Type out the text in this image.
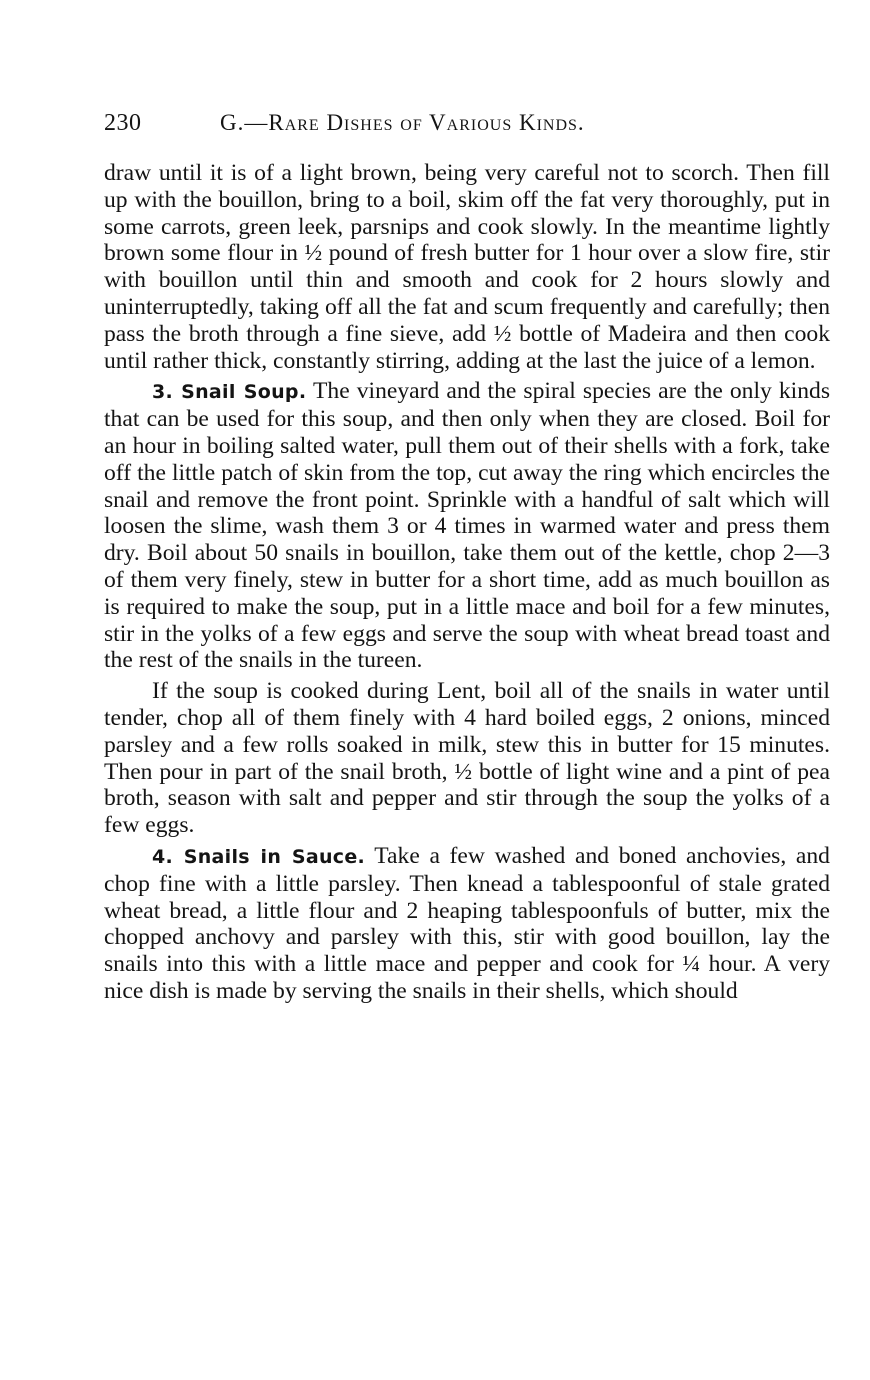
230	G.—Rare Dishes of Various Kinds.

draw until it is of a light brown, being very careful not to scorch. Then fill up with the bouillon, bring to a boil, skim off the fat very thoroughly, put in some carrots, green leek, parsnips and cook slowly. In the meantime lightly brown some flour in ½ pound of fresh butter for 1 hour over a slow fire, stir with bouillon until thin and smooth and cook for 2 hours slowly and uninterruptedly, taking off all the fat and scum frequently and carefully; then pass the broth through a fine sieve, add ½ bottle of Madeira and then cook until rather thick, constantly stirring, adding at the last the juice of a lemon.

3. Snail Soup. The vineyard and the spiral species are the only kinds that can be used for this soup, and then only when they are closed. Boil for an hour in boiling salted water, pull them out of their shells with a fork, take off the little patch of skin from the top, cut away the ring which encircles the snail and remove the front point. Sprinkle with a handful of salt which will loosen the slime, wash them 3 or 4 times in warmed water and press them dry. Boil about 50 snails in bouillon, take them out of the kettle, chop 2—3 of them very finely, stew in butter for a short time, add as much bouillon as is required to make the soup, put in a little mace and boil for a few minutes, stir in the yolks of a few eggs and serve the soup with wheat bread toast and the rest of the snails in the tureen.

If the soup is cooked during Lent, boil all of the snails in water until tender, chop all of them finely with 4 hard boiled eggs, 2 onions, minced parsley and a few rolls soaked in milk, stew this in butter for 15 minutes. Then pour in part of the snail broth, ½ bottle of light wine and a pint of pea broth, season with salt and pepper and stir through the soup the yolks of a few eggs.

4. Snails in Sauce. Take a few washed and boned anchovies, and chop fine with a little parsley. Then knead a tablespoonful of stale grated wheat bread, a little flour and 2 heaping tablespoonfuls of butter, mix the chopped anchovy and parsley with this, stir with good bouillon, lay the snails into this with a little mace and pepper and cook for ¼ hour. A very nice dish is made by serving the snails in their shells, which should
